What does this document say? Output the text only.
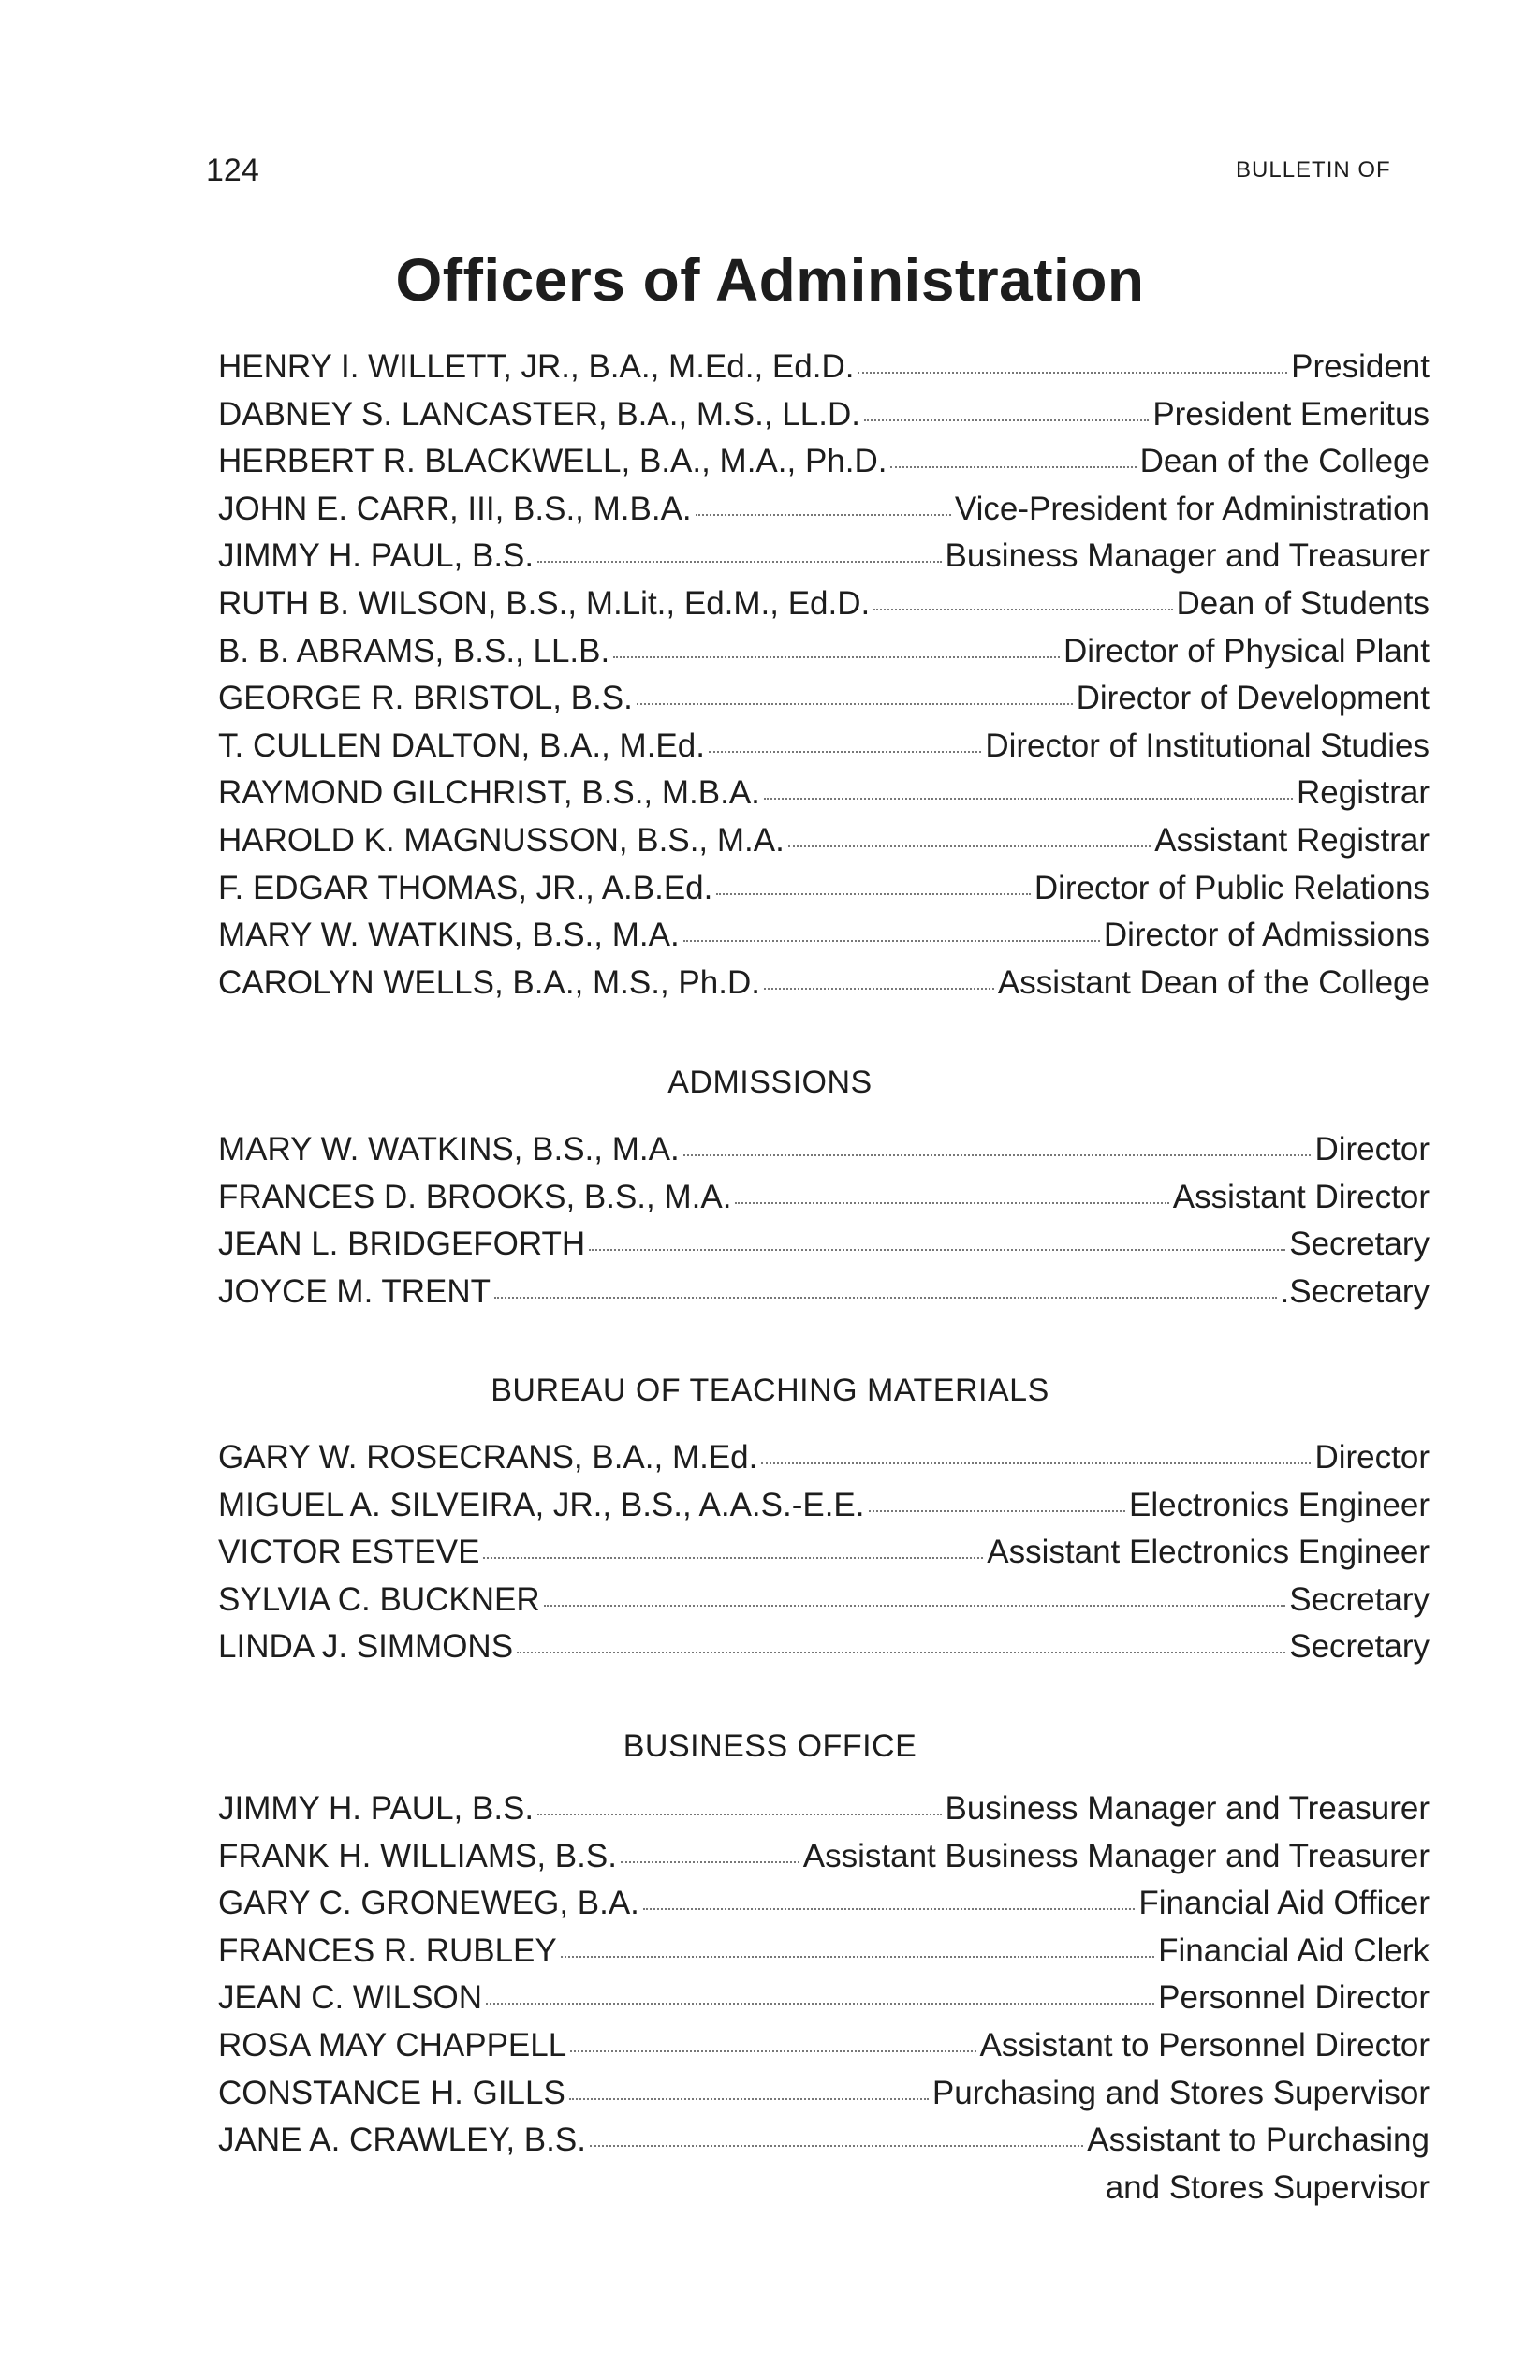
124	BULLETIN OF
Officers of Administration
HENRY I. WILLETT, JR., B.A., M.Ed., Ed.D.	President
DABNEY S. LANCASTER, B.A., M.S., LL.D.	President Emeritus
HERBERT R. BLACKWELL, B.A., M.A., Ph.D.	Dean of the College
JOHN E. CARR, III, B.S., M.B.A.	Vice-President for Administration
JIMMY H. PAUL, B.S.	Business Manager and Treasurer
RUTH B. WILSON, B.S., M.Lit., Ed.M., Ed.D.	Dean of Students
B. B. ABRAMS, B.S., LL.B.	Director of Physical Plant
GEORGE R. BRISTOL, B.S.	Director of Development
T. CULLEN DALTON, B.A., M.Ed.	Director of Institutional Studies
RAYMOND GILCHRIST, B.S., M.B.A.	Registrar
HAROLD K. MAGNUSSON, B.S., M.A.	Assistant Registrar
F. EDGAR THOMAS, JR., A.B.Ed.	Director of Public Relations
MARY W. WATKINS, B.S., M.A.	Director of Admissions
CAROLYN WELLS, B.A., M.S., Ph.D.	Assistant Dean of the College
ADMISSIONS
MARY W. WATKINS, B.S., M.A.	Director
FRANCES D. BROOKS, B.S., M.A.	Assistant Director
JEAN L. BRIDGEFORTH	Secretary
JOYCE M. TRENT	.Secretary
BUREAU OF TEACHING MATERIALS
GARY W. ROSECRANS, B.A., M.Ed.	Director
MIGUEL A. SILVEIRA, JR., B.S., A.A.S.-E.E.	Electronics Engineer
VICTOR ESTEVE	Assistant Electronics Engineer
SYLVIA C. BUCKNER	Secretary
LINDA J. SIMMONS	Secretary
BUSINESS OFFICE
JIMMY H. PAUL, B.S.	Business Manager and Treasurer
FRANK H. WILLIAMS, B.S.	Assistant Business Manager and Treasurer
GARY C. GRONEWEG, B.A.	Financial Aid Officer
FRANCES R. RUBLEY	Financial Aid Clerk
JEAN C. WILSON	Personnel Director
ROSA MAY CHAPPELL	Assistant to Personnel Director
CONSTANCE H. GILLS	Purchasing and Stores Supervisor
JANE A. CRAWLEY, B.S.	Assistant to Purchasing
and Stores Supervisor
